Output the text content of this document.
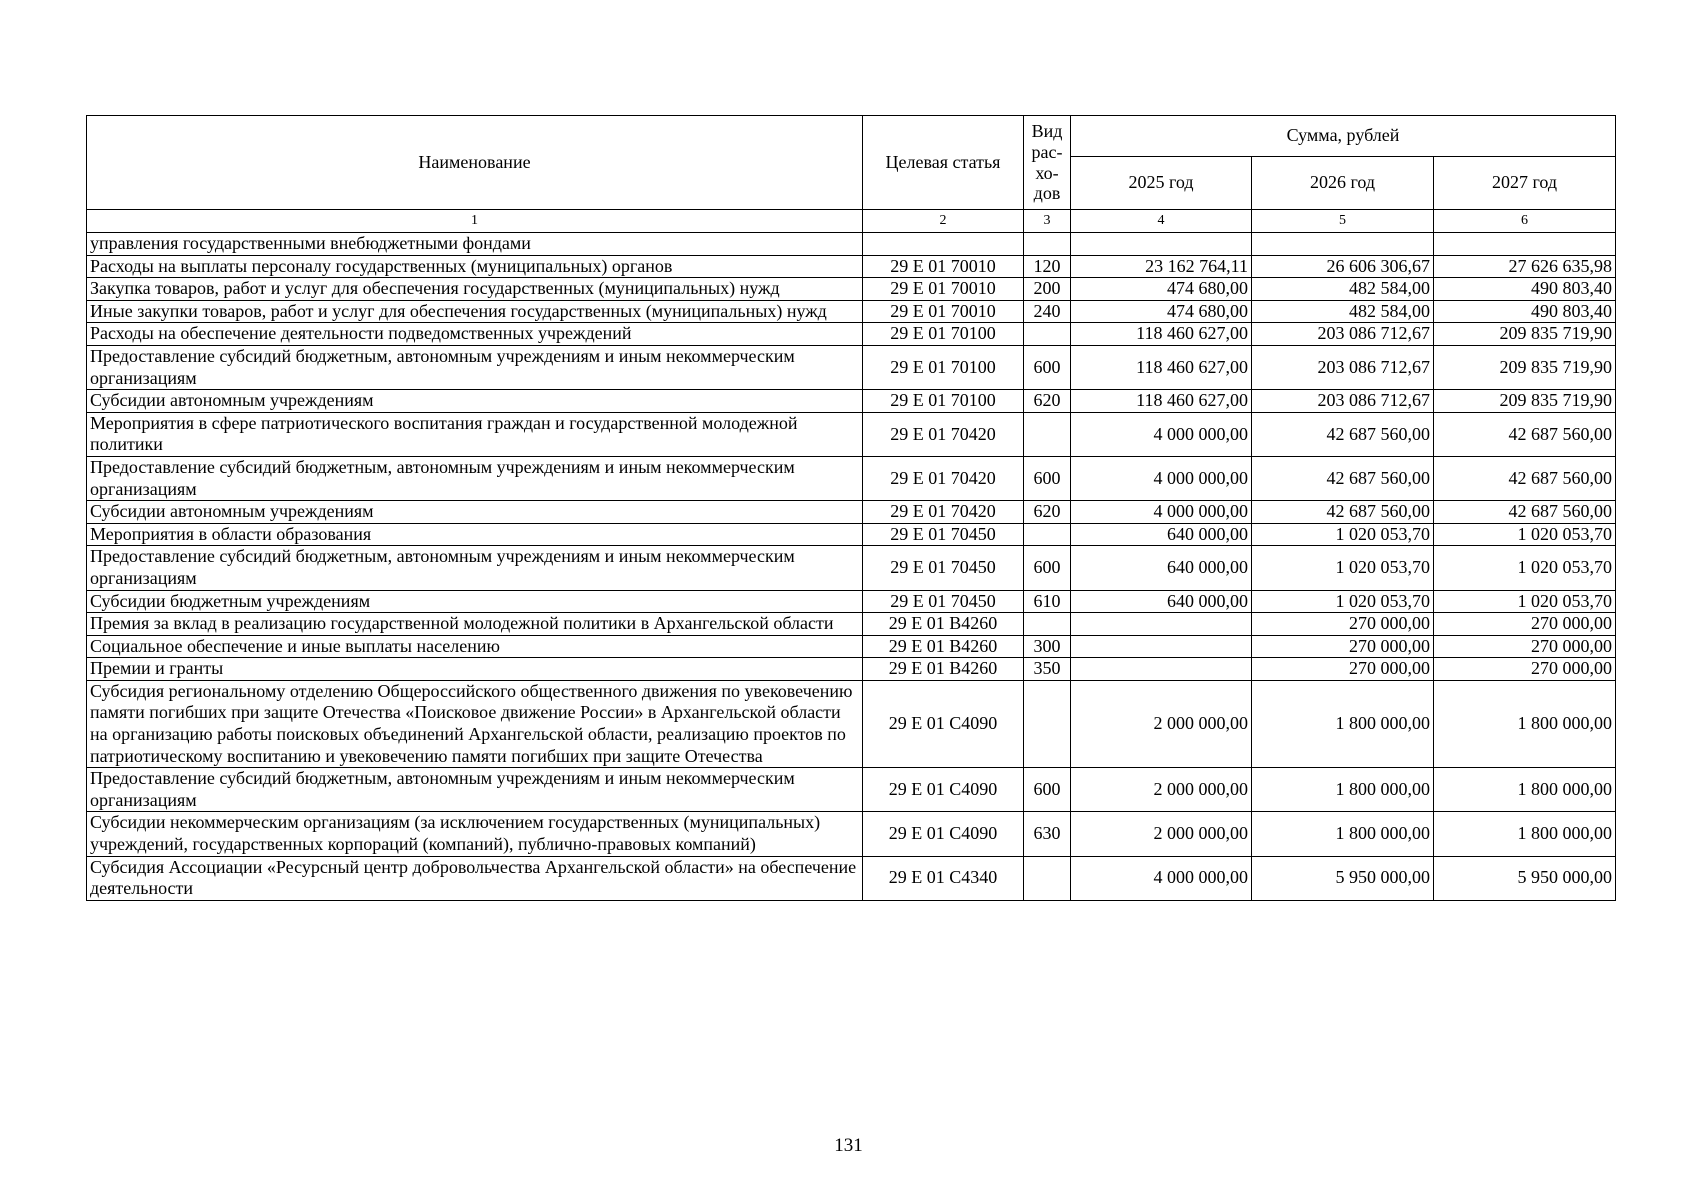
Наименование	Целевая статья	Вид
рас-
хо-
дов	Сумма, рублей		
			2025 год	2026 год	2027 год
1	2	3	4	5	6
управления государственными внебюджетными фондами					
Расходы на выплаты персоналу государственных (муниципальных) органов	29 Е 01 70010	120	23 162 764,11	26 606 306,67	27 626 635,98
Закупка товаров, работ и услуг для обеспечения государственных (муниципальных) нужд	29 Е 01 70010	200	474 680,00	482 584,00	490 803,40
Иные закупки товаров, работ и услуг для обеспечения государственных (муниципальных) нужд	29 Е 01 70010	240	474 680,00	482 584,00	490 803,40
Расходы на обеспечение деятельности подведомственных учреждений	29 Е 01 70100		118 460 627,00	203 086 712,67	209 835 719,90
Предоставление субсидий бюджетным, автономным учреждениям и иным некоммерческим организациям	29 Е 01 70100	600	118 460 627,00	203 086 712,67	209 835 719,90
Субсидии автономным учреждениям	29 Е 01 70100	620	118 460 627,00	203 086 712,67	209 835 719,90
Мероприятия в сфере патриотического воспитания граждан и государственной молодежной политики	29 Е 01 70420		4 000 000,00	42 687 560,00	42 687 560,00
Предоставление субсидий бюджетным, автономным учреждениям и иным некоммерческим организациям	29 Е 01 70420	600	4 000 000,00	42 687 560,00	42 687 560,00
Субсидии автономным учреждениям	29 Е 01 70420	620	4 000 000,00	42 687 560,00	42 687 560,00
Мероприятия в области образования	29 Е 01 70450		640 000,00	1 020 053,70	1 020 053,70
Предоставление субсидий бюджетным, автономным учреждениям и иным некоммерческим организациям	29 Е 01 70450	600	640 000,00	1 020 053,70	1 020 053,70
Субсидии бюджетным учреждениям	29 Е 01 70450	610	640 000,00	1 020 053,70	1 020 053,70
Премия за вклад в реализацию государственной молодежной политики в Архангельской области	29 Е 01 В4260			270 000,00	270 000,00
Социальное обеспечение и иные выплаты населению	29 Е 01 В4260	300		270 000,00	270 000,00
Премии и гранты	29 Е 01 В4260	350		270 000,00	270 000,00
Субсидия региональному отделению Общероссийского общественного движения по увековечению памяти погибших при защите Отечества «Поисковое движение России» в Архангельской области на организацию работы поисковых объединений Архангельской области, реализацию проектов по патриотическому воспитанию и увековечению памяти погибших при защите Отечества	29 Е 01 С4090		2 000 000,00	1 800 000,00	1 800 000,00
Предоставление субсидий бюджетным, автономным учреждениям и иным некоммерческим организациям	29 Е 01 С4090	600	2 000 000,00	1 800 000,00	1 800 000,00
Субсидии некоммерческим организациям (за исключением государственных (муниципальных) учреждений, государственных корпораций (компаний), публично-правовых компаний)	29 Е 01 С4090	630	2 000 000,00	1 800 000,00	1 800 000,00
Субсидия Ассоциации «Ресурсный центр добровольчества Архангельской области» на обеспечение деятельности	29 Е 01 С4340		4 000 000,00	5 950 000,00	5 950 000,00
131
